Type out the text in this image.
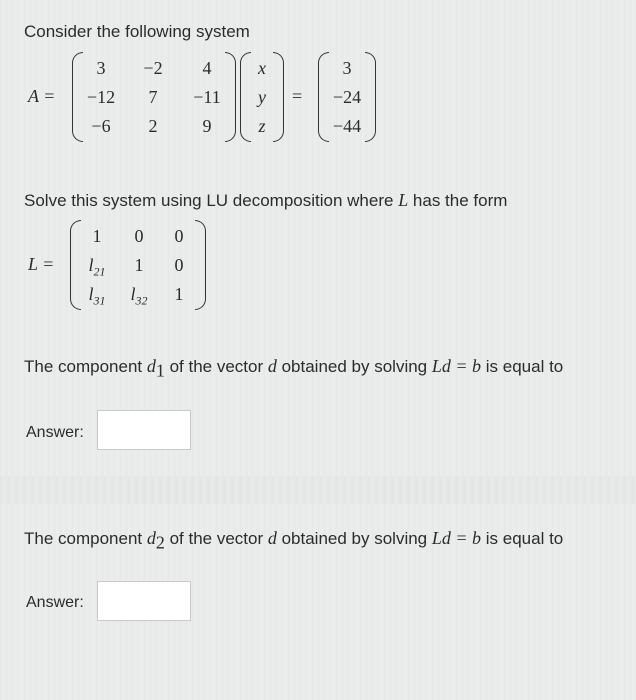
Consider the following system
A =
3	−2	4
−12	7	−11
−6	2	9
x
y
z
=
3
−24
−44
Solve this system using LU decomposition where L has the form
L =
1	0	0
$l_{21}$	1	0
$l_{31}$	$l_{32}$	1
The component $d_1$ of the vector d obtained by solving Ld = b is equal to
Answer:
The component $d_2$ of the vector d obtained by solving Ld = b is equal to
Answer:
